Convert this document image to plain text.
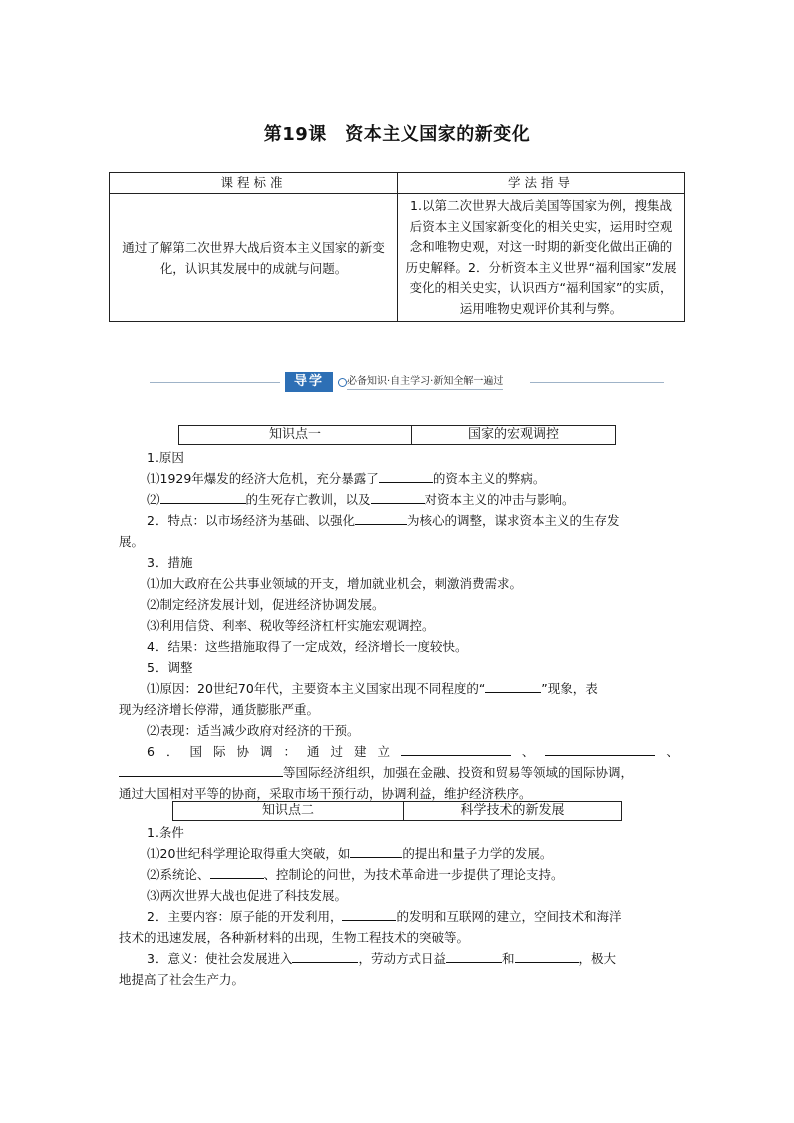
第19课　资本主义国家的新变化
课程标准	学法指导
通过了解第二次世界大战后资本主义国家的新变化，认识其发展中的成就与问题。	1.以第二次世界大战后美国等国家为例，搜集战后资本主义国家新变化的相关史实，运用时空观念和唯物史观，对这一时期的新变化做出正确的历史解释。2．分析资本主义世界“福利国家”发展变化的相关史实，认识西方“福利国家”的实质，运用唯物史观评价其利与弊。
导学	必备知识·自主学习·新知全解一遍过
知识点一	国家的宏观调控

1.原因

⑴1929年爆发的经济大危机，充分暴露了	的资本主义的弊病。

⑵	的生死存亡教训，以及	对资本主义的冲击与影响。

2．特点：以市场经济为基础、以强化	为核心的调整，谋求资本主义的生存发

展。

3．措施

⑴加大政府在公共事业领域的开支，增加就业机会，刺激消费需求。

⑵制定经济发展计划，促进经济协调发展。

⑶利用信贷、利率、税收等经济杠杆实施宏观调控。

4．结果：这些措施取得了一定成效，经济增长一度较快。

5．调整

⑴原因：20世纪70年代，主要资本主义国家出现不同程度的“	”现象，表

现为经济增长停滞，通货膨胀严重。

⑵表现：适当减少政府对经济的干预。

6 ． 国 际 协 调 ： 通 过 建 立	、	、

等国际经济组织，加强在金融、投资和贸易等领域的国际协调，

通过大国相对平等的协商，采取市场干预行动，协调利益，维护经济秩序。

知识点二	科学技术的新发展

1.条件

⑴20世纪科学理论取得重大突破，如	的提出和量子力学的发展。

⑵系统论、	、控制论的问世，为技术革命进一步提供了理论支持。

⑶两次世界大战也促进了科技发展。

2．主要内容：原子能的开发利用，	的发明和互联网的建立，空间技术和海洋

技术的迅速发展，各种新材料的出现，生物工程技术的突破等。

3．意义：使社会发展进入	，劳动方式日益	和	，极大

地提高了社会生产力。
